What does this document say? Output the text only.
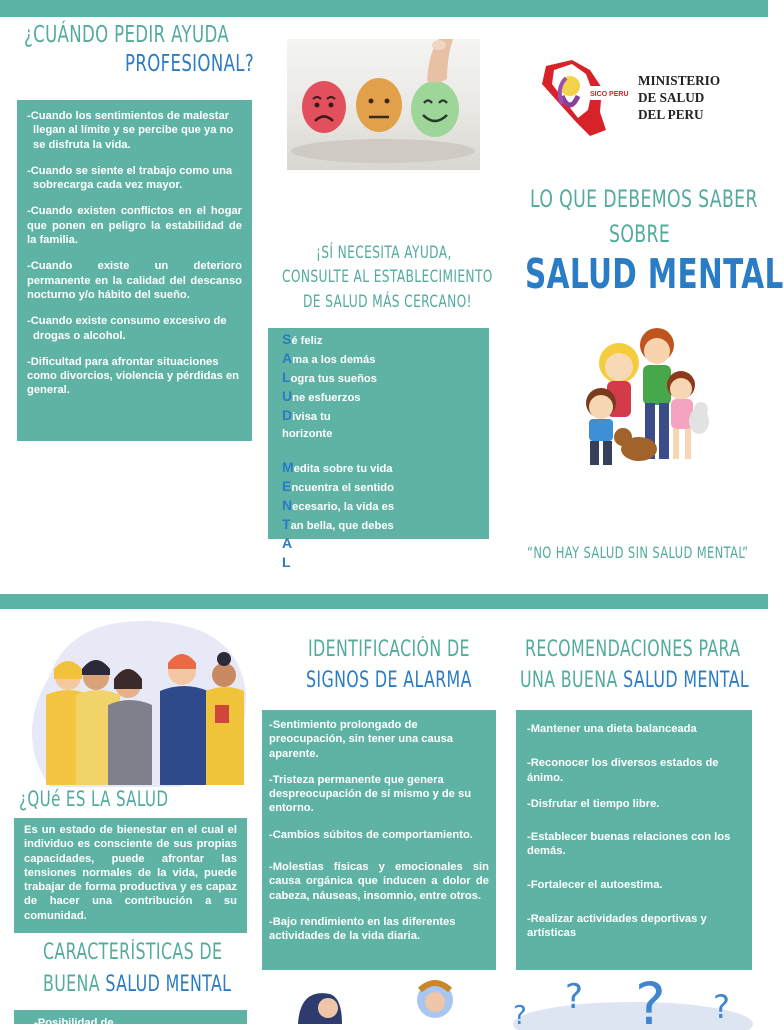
¿CUÁNDO PEDIR AYUDA
PROFESIONAL?

-Cuando los sentimientos de malestar llegan al límite y se percibe que ya no se disfruta la vida.

-Cuando se siente el trabajo como una sobrecarga cada vez mayor.

-Cuando existen conflictos en el hogar que ponen en peligro la estabilidad de la familia.

-Cuando existe un deterioro permanente en la calidad del descanso nocturno y/o hábito del sueño.

-Cuando existe consumo excesivo de drogas o alcohol.

-Dificultad para afrontar situaciones como divorcios, violencia y pérdidas en general.

¡SÍ NECESITA AYUDA,
CONSULTE AL ESTABLECIMIENTO
DE SALUD MÁS CERCANO!
Sé feliz
Ama a los demás
Logra tus sueños
Une esfuerzos
Divisa tu
horizonte
Medita sobre tu vida
Encuentra el sentido
Necesario, la vida es
Tan bella, que debes
Amar, solo así
Lograrás una buena salud mental
SICO PERU
MINISTERIO
DE SALUD
DEL PERU
LO QUE DEBEMOS SABER
SOBRE
SALUD MENTAL
“NO HAY SALUD SIN SALUD MENTAL”
¿QUé ES LA SALUD

Es un estado de bienestar en el cual el individuo es consciente de sus propias capacidades, puede afrontar las tensiones normales de la vida, puede trabajar de forma productiva y es capaz de hacer una contribución a su comunidad.

CARACTERÍSTICAS DE
BUENA SALUD MENTAL
-Posibilidad de ... ....... ...
IDENTIFICACIÓN DE
SIGNOS DE ALARMA

-Sentimiento prolongado de preocupación, sin tener una causa aparente.

-Tristeza permanente que genera despreocupación de sí mismo y de su entorno.

-Cambios súbitos de comportamiento.

-Molestias físicas y emocionales sin causa orgánica que inducen a dolor de cabeza, náuseas, insomnio, entre otros.

-Bajo rendimiento en las diferentes actividades de la vida diaria.

RECOMENDACIONES PARA
UNA BUENA SALUD MENTAL

-Mantener una dieta balanceada

-Reconocer los diversos estados de ánimo.

-Disfrutar el tiempo libre.

-Establecer buenas relaciones con los demás.

-Fortalecer el autoestima.

-Realizar actividades deportivas y artísticas

? ? ?
?
